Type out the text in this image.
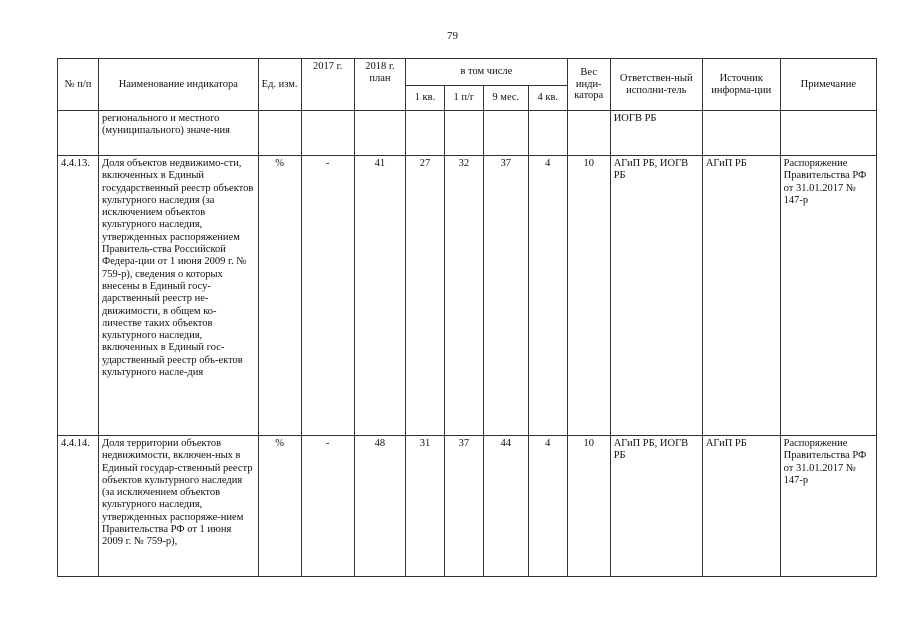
79
№ п/п	Наименование индикатора	Ед. изм.	2017 г.	2018 г. план	в том числе				Вес инди-катора	Ответствен-ный исполни-тель	Источник информа-ции	Примечание
					1 кв.	1 п/г	9 мес.	4 кв.				
	регионального и местного (муниципального) значе-ния									ИОГВ РБ		
4.4.13.	Доля объектов недвижимо-сти, включенных в Единый государственный реестр объектов культурного наследия (за исключением объектов культурного наследия, утвержденных распоряжением Правитель-ства Российской Федера-ции от 1 июня 2009 г. № 759-р), сведения о которых внесены в Единый госу-дарственный реестр не-движимости, в общем ко-личестве таких объектов культурного наследия, включенных в Единый гос-ударственный реестр объ-ектов культурного насле-дия	%	-	41	27	32	37	4	10	АГиП РБ, ИОГВ РБ	АГиП РБ	Распоряжение Правительства РФ от 31.01.2017 № 147-р
4.4.14.	Доля территории объектов недвижимости, включен-ных в Единый государ-ственный реестр объектов культурного наследия (за исключением объектов культурного наследия, утвержденных распоряже-нием Правительства РФ от 1 июня 2009 г. № 759-р),	%	-	48	31	37	44	4	10	АГиП РБ, ИОГВ РБ	АГиП РБ	Распоряжение Правительства РФ от 31.01.2017 № 147-р
